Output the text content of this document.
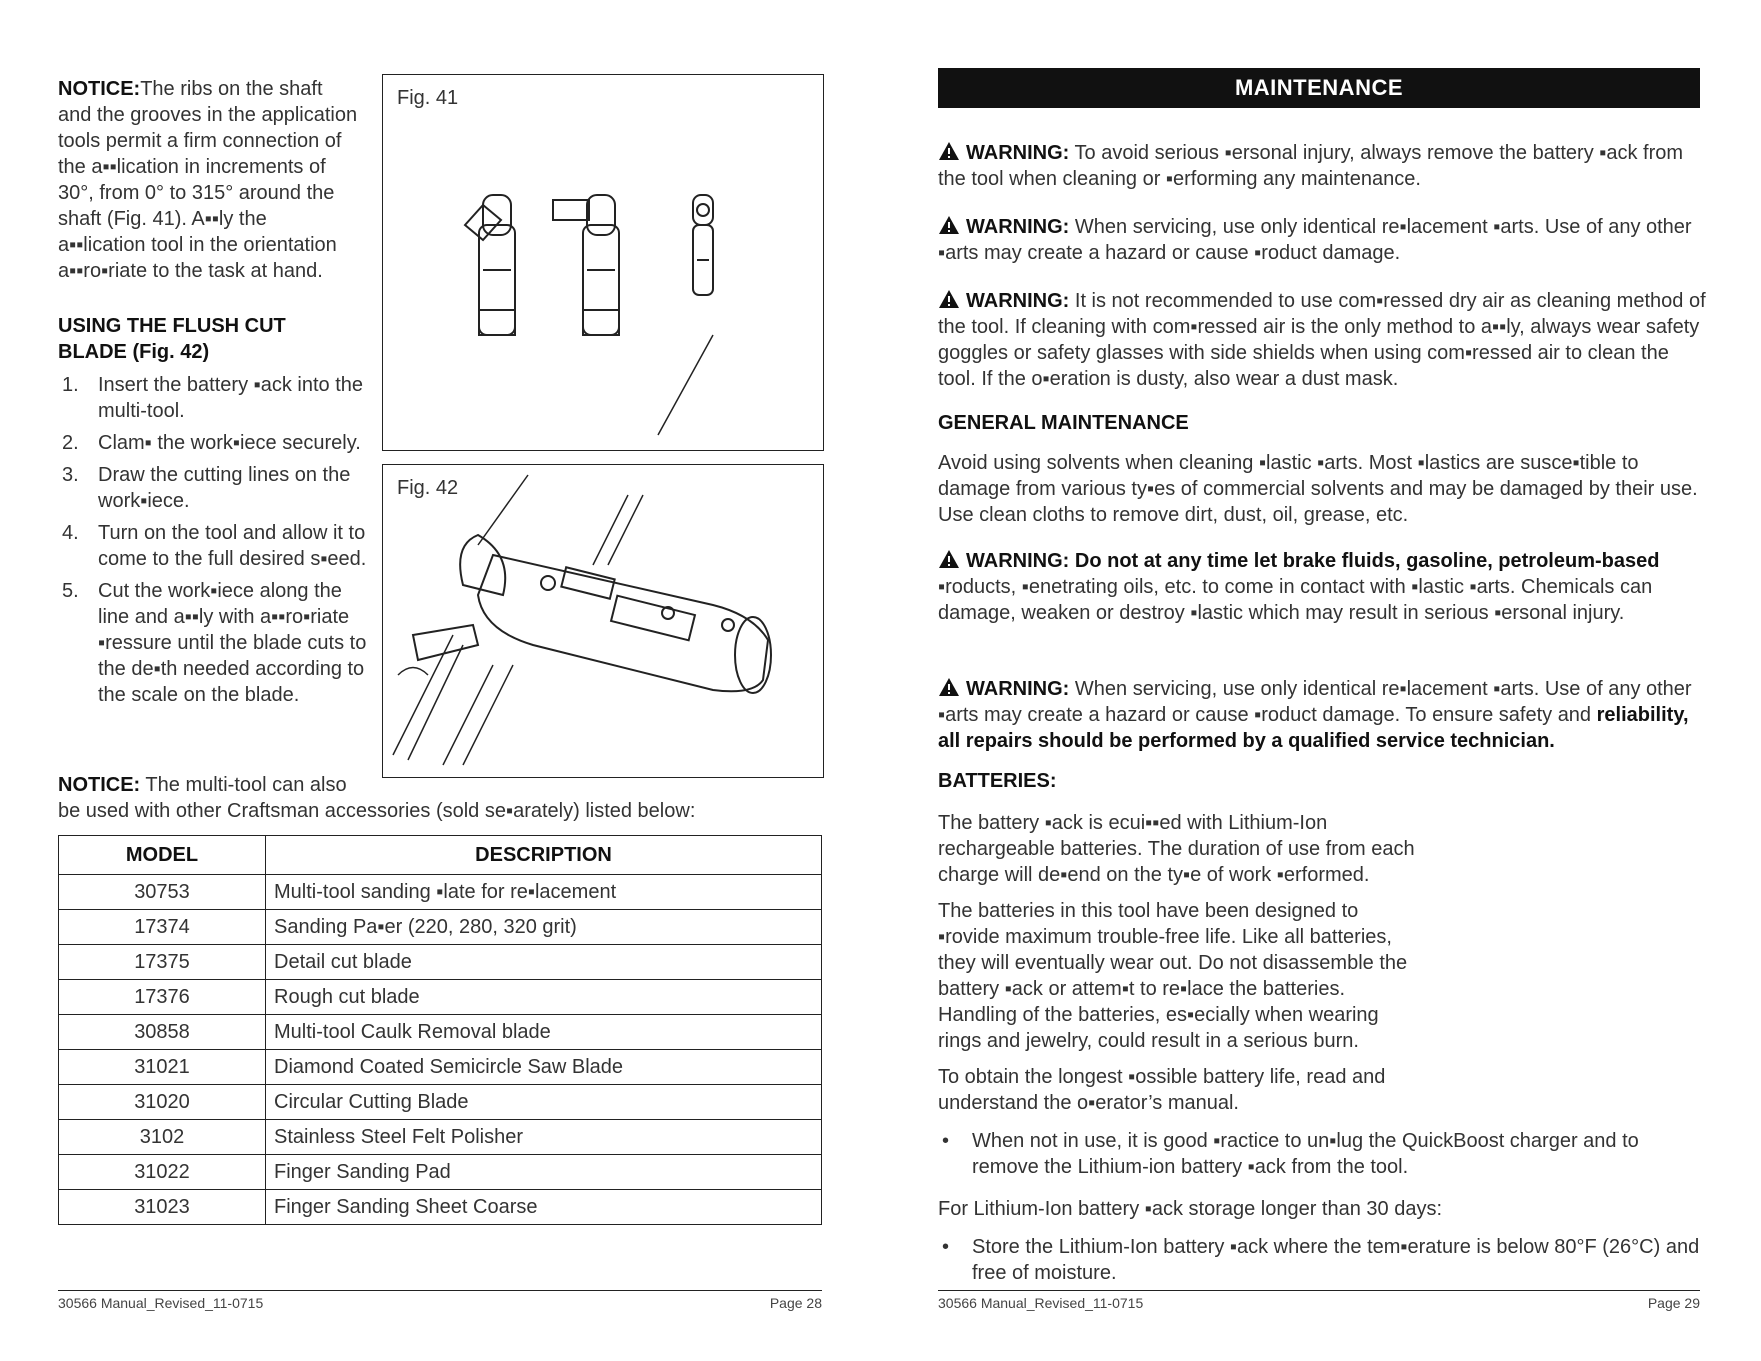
NOTICE:The ribs on the shaft and the grooves in the application tools permit a firm connection of the a▪▪lication in increments of 30°, from 0° to 315° around the shaft (Fig. 41). A▪▪ly the a▪▪lication tool in the orientation a▪▪ro▪riate to the task at hand.
USING THE FLUSH CUT BLADE (Fig. 42)
1. Insert the battery ▪ack into the multi-tool.
2. Clam▪ the work▪iece securely.
3. Draw the cutting lines on the work▪iece.
4. Turn on the tool and allow it to come to the full desired s▪eed.
5. Cut the work▪iece along the line and a▪▪ly with a▪▪ro▪riate ▪ressure until the blade cuts to the de▪th needed according to the scale on the blade.
NOTICE: The multi-tool can also
be used with other Craftsman accessories (sold se▪arately) listed below:
Fig. 41
Fig. 42
MODEL	DESCRIPTION
30753	Multi-tool sanding ▪late for re▪lacement
17374	Sanding Pa▪er (220, 280, 320 grit)
17375	Detail cut blade
17376	Rough cut blade
30858	Multi-tool Caulk Removal blade
31021	Diamond Coated Semicircle Saw Blade
31020	Circular Cutting Blade
3102	Stainless Steel Felt Polisher
31022	Finger Sanding Pad
31023	Finger Sanding Sheet Coarse
30566 Manual_Revised_11-0715	Page 28
MAINTENANCE
WARNING: To avoid serious ▪ersonal injury, always remove the battery ▪ack from the tool when cleaning or ▪erforming any maintenance.
WARNING: When servicing, use only identical re▪lacement ▪arts. Use of any other ▪arts may create a hazard or cause ▪roduct damage.
WARNING: It is not recommended to use com▪ressed dry air as cleaning method of the tool. If cleaning with com▪ressed air is the only method to a▪▪ly, always wear safety goggles or safety glasses with side shields when using com▪ressed air to clean the tool. If the o▪eration is dusty, also wear a dust mask.
GENERAL MAINTENANCE
Avoid using solvents when cleaning ▪lastic ▪arts. Most ▪lastics are susce▪tible to damage from various ty▪es of commercial solvents and may be damaged by their use. Use clean cloths to remove dirt, dust, oil, grease, etc.
WARNING: Do not at any time let brake fluids, gasoline, petroleum-based ▪roducts, ▪enetrating oils, etc. to come in contact with ▪lastic ▪arts. Chemicals can damage, weaken or destroy ▪lastic which may result in serious ▪ersonal injury.
WARNING: When servicing, use only identical re▪lacement ▪arts. Use of any other ▪arts may create a hazard or cause ▪roduct damage. To ensure safety and reliability, all repairs should be performed by a qualified service technician.
BATTERIES:
The battery ▪ack is ecui▪▪ed with Lithium-Ion rechargeable batteries. The duration of use from each charge will de▪end on the ty▪e of work ▪erformed.
The batteries in this tool have been designed to ▪rovide maximum trouble-free life. Like all batteries, they will eventually wear out. Do not disassemble the battery ▪ack or attem▪t to re▪lace the batteries. Handling of the batteries, es▪ecially when wearing rings and jewelry, could result in a serious burn.
To obtain the longest ▪ossible battery life, read and understand the o▪erator’s manual.
• When not in use, it is good ▪ractice to un▪lug the QuickBoost charger and to remove the Lithium-ion battery ▪ack from the tool.
For Lithium-Ion battery ▪ack storage longer than 30 days:
• Store the Lithium-Ion battery ▪ack where the tem▪erature is below 80°F (26°C) and free of moisture.
30566 Manual_Revised_11-0715	Page 29
